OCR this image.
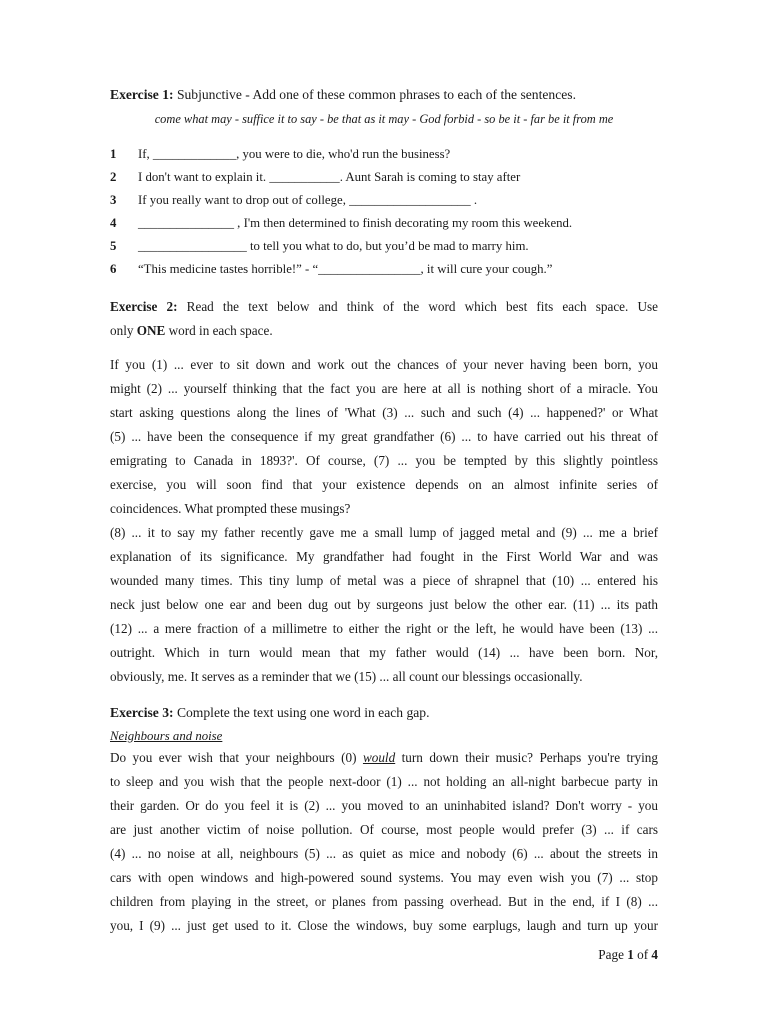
Exercise 1: Subjunctive - Add one of these common phrases to each of the sentences.

come what may - suffice it to say - be that as it may - God forbid - so be it - far be it from me

1	If, _____________, you were to die, who'd run the business?
2	I don't want to explain it. ___________. Aunt Sarah is coming to stay after
3	If you really want to drop out of college, ___________________ .
4	_______________ , I'm then determined to finish decorating my room this weekend.
5	_________________ to tell you what to do, but you’d be mad to marry him.
6	“This medicine tastes horrible!” - “________________, it will cure your cough.”

Exercise 2: Read the text below and think of the word which best fits each space. Use

only ONE word in each space.

If you (1) ... ever to sit down and work out the chances of your never having been born, you

might (2) ... yourself thinking that the fact you are here at all is nothing short of a miracle. You

start asking questions along the lines of 'What (3) ... such and such (4) ... happened?' or What

(5) ... have been the consequence if my great grandfather (6) ... to have carried out his threat of

emigrating to Canada in 1893?'. Of course, (7) ... you be tempted by this slightly pointless

exercise, you will soon find that your existence depends on an almost infinite series of

coincidences. What prompted these musings?

(8) ... it to say my father recently gave me a small lump of jagged metal and (9) ... me a brief

explanation of its significance. My grandfather had fought in the First World War and was

wounded many times. This tiny lump of metal was a piece of shrapnel that (10) ... entered his

neck just below one ear and been dug out by surgeons just below the other ear. (11) ... its path

(12) ... a mere fraction of a millimetre to either the right or the left, he would have been (13) ...

outright. Which in turn would mean that my father would (14) ... have been born. Nor,

obviously, me. It serves as a reminder that we (15) ... all count our blessings occasionally.

Exercise 3: Complete the text using one word in each gap.

Neighbours and noise

Do you ever wish that your neighbours (0) would turn down their music? Perhaps you're trying

to sleep and you wish that the people next-door (1) ... not holding an all-night barbecue party in

their garden. Or do you feel it is (2) ... you moved to an uninhabited island? Don't worry - you

are just another victim of noise pollution. Of course, most people would prefer (3) ... if cars

(4) ... no noise at all, neighbours (5) ... as quiet as mice and nobody (6) ... about the streets in

cars with open windows and high-powered sound systems. You may even wish you (7) ... stop

children from playing in the street, or planes from passing overhead. But in the end, if I (8) ...

you, I (9) ... just get used to it. Close the windows, buy some earplugs, laugh and turn up your

Page 1 of 4
